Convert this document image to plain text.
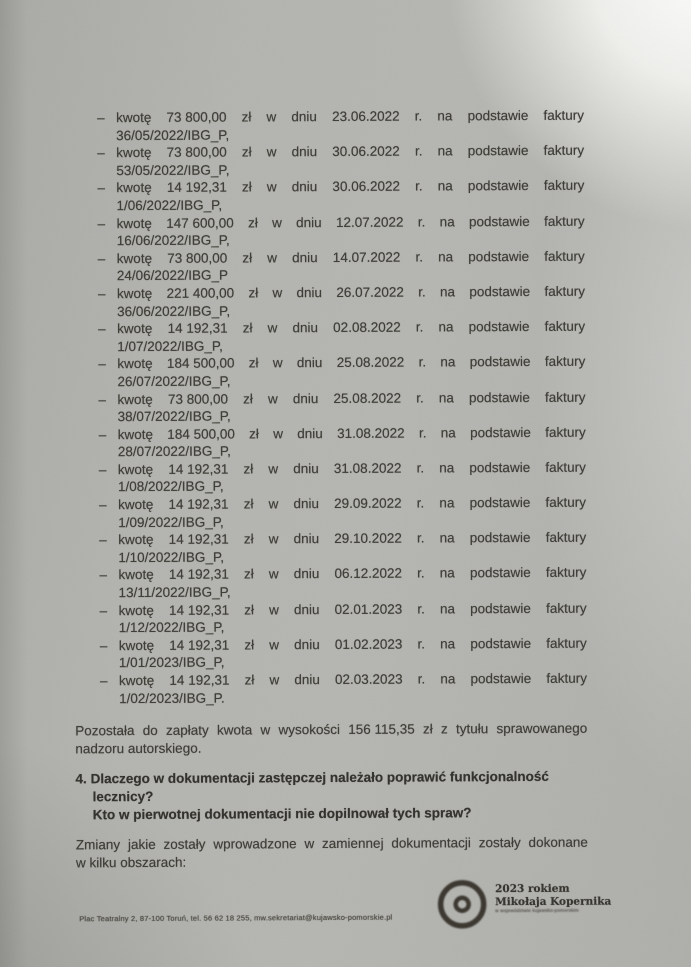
– kwotę 73 800,00 zł w dniu 23.06.2022 r. na podstawie faktury
36/05/2022/IBG_P,
– kwotę 73 800,00 zł w dniu 30.06.2022 r. na podstawie faktury
53/05/2022/IBG_P,
– kwotę 14 192,31 zł w dniu 30.06.2022 r. na podstawie faktury
1/06/2022/IBG_P,
– kwotę 147 600,00 zł w dniu 12.07.2022 r. na podstawie faktury
16/06/2022/IBG_P,
– kwotę 73 800,00 zł w dniu 14.07.2022 r. na podstawie faktury
24/06/2022/IBG_P
– kwotę 221 400,00 zł w dniu 26.07.2022 r. na podstawie faktury
36/06/2022/IBG_P,
– kwotę 14 192,31 zł w dniu 02.08.2022 r. na podstawie faktury
1/07/2022/IBG_P,
– kwotę 184 500,00 zł w dniu 25.08.2022 r. na podstawie faktury
26/07/2022/IBG_P,
– kwotę 73 800,00 zł w dniu 25.08.2022 r. na podstawie faktury
38/07/2022/IBG_P,
– kwotę 184 500,00 zł w dniu 31.08.2022 r. na podstawie faktury
28/07/2022/IBG_P,
– kwotę 14 192,31 zł w dniu 31.08.2022 r. na podstawie faktury
1/08/2022/IBG_P,
– kwotę 14 192,31 zł w dniu 29.09.2022 r. na podstawie faktury
1/09/2022/IBG_P,
– kwotę 14 192,31 zł w dniu 29.10.2022 r. na podstawie faktury
1/10/2022/IBG_P,
– kwotę 14 192,31 zł w dniu 06.12.2022 r. na podstawie faktury
13/11/2022/IBG_P,
– kwotę 14 192,31 zł w dniu 02.01.2023 r. na podstawie faktury
1/12/2022/IBG_P,
– kwotę 14 192,31 zł w dniu 01.02.2023 r. na podstawie faktury
1/01/2023/IBG_P,
– kwotę 14 192,31 zł w dniu 02.03.2023 r. na podstawie faktury
1/02/2023/IBG_P.
Pozostała do zapłaty kwota w wysokości 156 115,35 zł z tytułu sprawowanego
nadzoru autorskiego.
4. Dlaczego w dokumentacji zastępczej należało poprawić funkcjonalność lecznicy?
Kto w pierwotnej dokumentacji nie dopilnował tych spraw?
Zmiany jakie zostały wprowadzone w zamiennej dokumentacji zostały dokonane
w kilku obszarach:
Plac Teatralny 2, 87-100 Toruń, tel. 56 62 18 255, mw.sekretariat@kujawsko-pomorskie.pl
2023 rokiem
Mikołaja Kopernika
w województwie kujawsko-pomorskim
